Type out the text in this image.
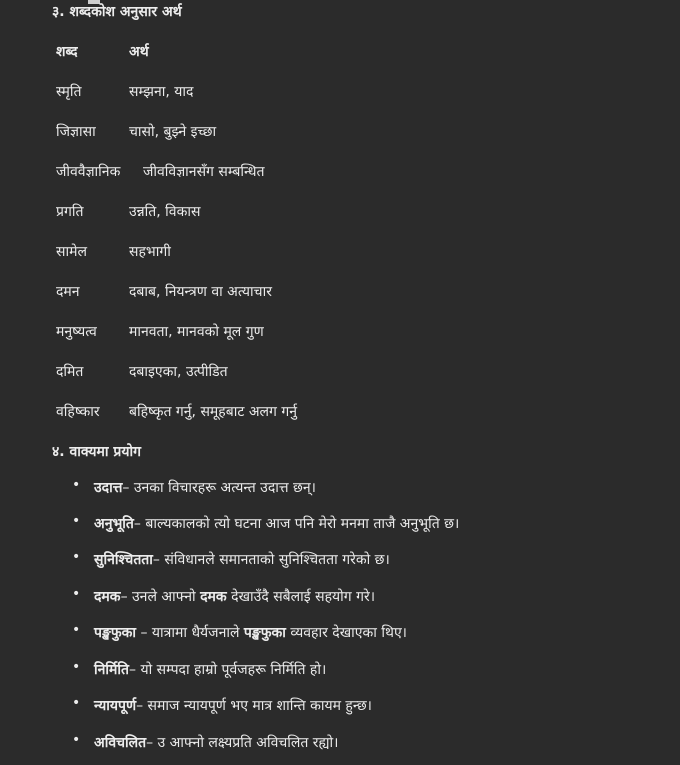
३. शब्दकोश अनुसार अर्थ
शब्द	अर्थ
स्मृति	सम्झना, याद
जिज्ञासा चासो, बुझ्ने इच्छा
जीववैज्ञानिक जीवविज्ञानसँग सम्बन्धित
प्रगति	उन्नति, विकास
सामेल	सहभागी
दमन	दबाब, नियन्त्रण वा अत्याचार
मनुष्यत्व मानवता, मानवको मूल गुण
दमित	दबाइएका, उत्पीडित
वहिष्कार बहिष्कृत गर्नु, समूहबाट अलग गर्नु
४. वाक्यमा प्रयोग
• उदात्त– उनका विचारहरू अत्यन्त उदात्त छन्।
• अनुभूति– बाल्यकालको त्यो घटना आज पनि मेरो मनमा ताजै अनुभूति छ।
• सुनिश्चितता– संविधानले समानताको सुनिश्चितता गरेको छ।
• दमक– उनले आफ्नो दमक देखाउँदै सबैलाई सहयोग गरे।
• पङ्खफुका – यात्रामा धैर्यजनाले पङ्खफुका व्यवहार देखाएका थिए।
• निर्मिति– यो सम्पदा हाम्रो पूर्वजहरू निर्मिति हो।
• न्यायपूर्ण– समाज न्यायपूर्ण भए मात्र शान्ति कायम हुन्छ।
• अविचलित– उ आफ्नो लक्ष्यप्रति अविचलित रह्यो।
